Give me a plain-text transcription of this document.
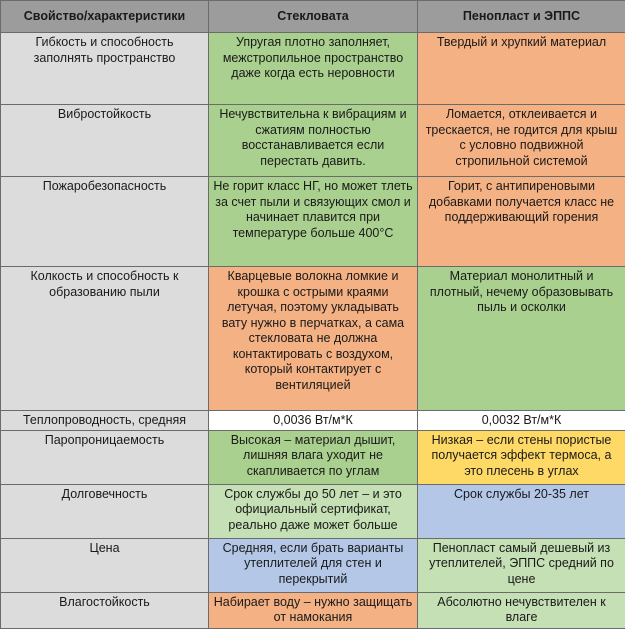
Свойство/характеристики	Стекловата	Пенопласт и ЭППС
Гибкость и способность заполнять пространство	Упругая плотно заполняет, межстропильное пространство даже когда есть неровности	Твердый и хрупкий материал
Вибростойкость	Нечувствительна к вибрациям и сжатиям полностью восстанавливается если перестать давить.	Ломается, отклеивается и трескается, не годится для крыш с условно подвижной стропильной системой
Пожаробезопасность	Не горит класс НГ, но может тлеть за счет пыли и связующих смол и начинает плавится при температуре больше 400°С	Горит, с антипиреновыми добавками получается класс не поддерживающий горения
Колкость и способность к образованию пыли	Кварцевые волокна ломкие и крошка с острыми краями летучая, поэтому укладывать вату нужно в перчатках, а сама стекловата не должна контактировать с воздухом, который контактирует с вентиляцией	Материал монолитный и плотный, нечему образовывать пыль и осколки
Теплопроводность, средняя	0,0036 Вт/м*К	0,0032 Вт/м*К
Паропроницаемость	Высокая – материал дышит, лишняя влага уходит не скапливается по углам	Низкая – если стены пористые получается эффект термоса, а это плесень в углах
Долговечность	Срок службы до 50 лет – и это официальный сертификат, реально даже может больше	Срок службы 20-35 лет
Цена	Средняя, если брать варианты утеплителей для стен и перекрытий	Пенопласт самый дешевый из утеплителей, ЭППС средний по цене
Влагостойкость	Набирает воду – нужно защищать от намокания	Абсолютно нечувствителен к влаге
